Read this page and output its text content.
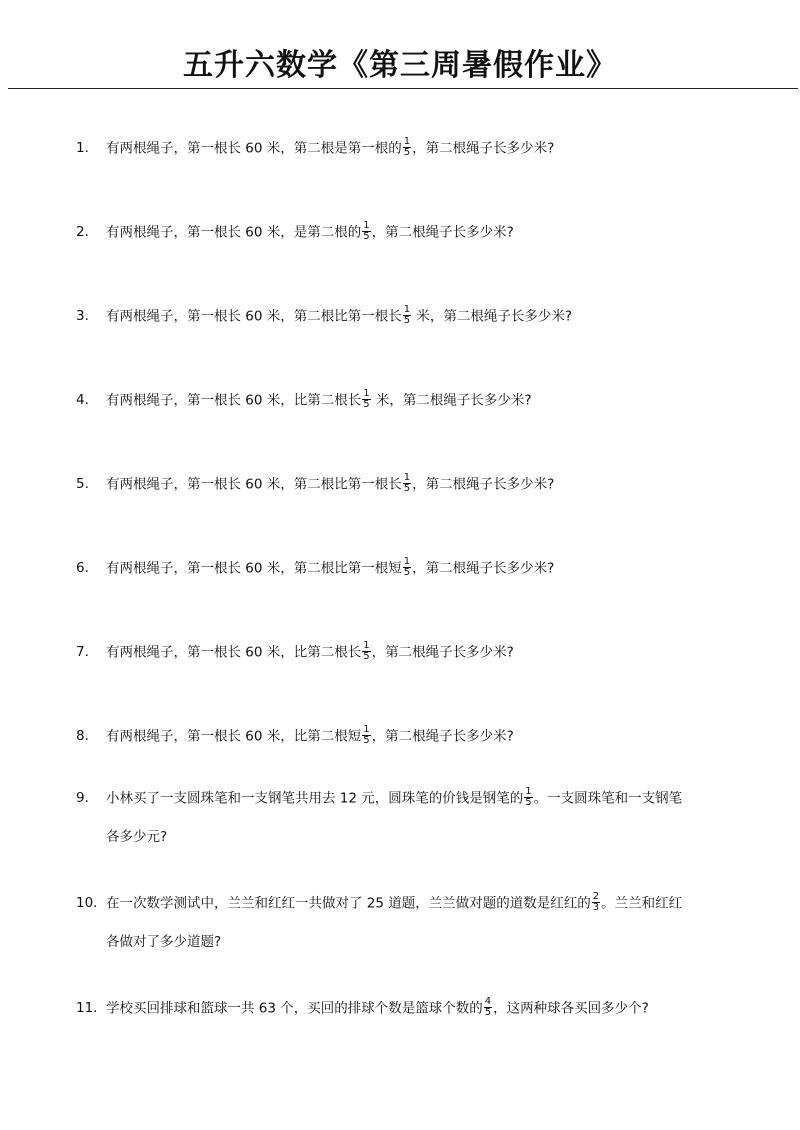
五升六数学《第三周暑假作业》
1. 有两根绳子，第一根长 60 米，第二根是第一根的 $\frac{1}{5}$ ，第二根绳子长多少米?
2. 有两根绳子，第一根长 60 米，是第二根的 $\frac{1}{5}$ ，第二根绳子长多少米?
3. 有两根绳子，第一根长 60 米，第二根比第一根长 $\frac{1}{5}$ 米，第二根绳子长多少米?
4. 有两根绳子，第一根长 60 米，比第二根长 $\frac{1}{5}$ 米，第二根绳子长多少米?
5. 有两根绳子，第一根长 60 米，第二根比第一根长 $\frac{1}{5}$ ，第二根绳子长多少米?
6. 有两根绳子，第一根长 60 米，第二根比第一根短 $\frac{1}{5}$ ，第二根绳子长多少米?
7. 有两根绳子，第一根长 60 米，比第二根长 $\frac{1}{5}$ ，第二根绳子长多少米?
8. 有两根绳子，第一根长 60 米，比第二根短 $\frac{1}{5}$ ，第二根绳子长多少米?
9. 小林买了一支圆珠笔和一支钢笔共用去 12 元，圆珠笔的价钱是钢笔的 $\frac{1}{5}$ 。一支圆珠笔和一支钢笔
各多少元?
10. 在一次数学测试中，兰兰和红红一共做对了 25 道题，兰兰做对题的道数是红红的 $\frac{2}{3}$ 。兰兰和红红
各做对了多少道题?
11. 学校买回排球和篮球一共 63 个，买回的排球个数是篮球个数的 $\frac{4}{5}$ ，这两种球各买回多少个?
